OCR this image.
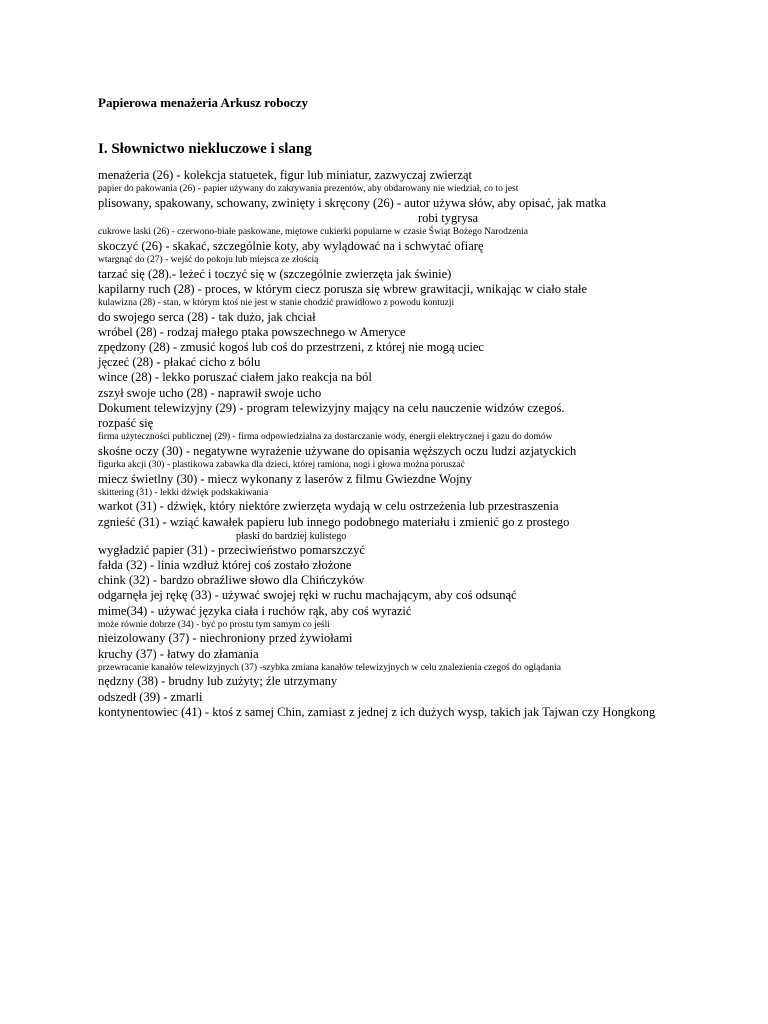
Papierowa menażeria Arkusz roboczy
I. Słownictwo niekluczowe i slang
menażeria (26) - kolekcja statuetek, figur lub miniatur, zazwyczaj zwierząt
papier do pakowania (26) - papier używany do zakrywania prezentów, aby obdarowany nie wiedział, co to jest
plisowany, spakowany, schowany, zwinięty i skręcony (26) - autor używa słów, aby opisać, jak matka
robi tygrysa
cukrowe laski (26) - czerwono-białe paskowane, miętowe cukierki popularne w czasie Świąt Bożego Narodzenia
skoczyć (26) - skakać, szczególnie koty, aby wylądować na i schwytać ofiarę
wtargnąć do (27) - wejść do pokoju lub miejsca ze złością
tarzać się (28).- leżeć i toczyć się w (szczególnie zwierzęta jak świnie)
kapilarny ruch (28) - proces, w którym ciecz porusza się wbrew grawitacji, wnikając w ciało stałe
kulawizna (28) - stan, w którym ktoś nie jest w stanie chodzić prawidłowo z powodu kontuzji
do swojego serca (28) - tak dużo, jak chciał
wróbel (28) - rodzaj małego ptaka powszechnego w Ameryce
zpędzony (28) - zmusić kogoś lub coś do przestrzeni, z której nie mogą uciec
jęczeć (28) - płakać cicho z bólu
wince (28) - lekko poruszać ciałem jako reakcja na ból
zszył swoje ucho (28) - naprawił swoje ucho
Dokument telewizyjny (29) - program telewizyjny mający na celu nauczenie widzów czegoś.
rozpaść się
firma użyteczności publicznej (29) - firma odpowiedzialna za dostarczanie wody, energii elektrycznej i gazu do domów
skośne oczy (30) - negatywne wyrażenie używane do opisania węższych oczu ludzi azjatyckich
figurka akcji (30) - plastikowa zabawka dla dzieci, której ramiona, nogi i głowa można poruszać
miecz świetlny (30) - miecz wykonany z laserów z filmu Gwiezdne Wojny
skittering (31) - lekki dźwięk podskakiwania
warkot (31) - dźwięk, który niektóre zwierzęta wydają w celu ostrzeżenia lub przestraszenia
zgnieść (31) - wziąć kawałek papieru lub innego podobnego materiału i zmienić go z prostego
płaski do bardziej kulistego
wygładzić papier (31) - przeciwieństwo pomarszczyć
fałda (32) - linia wzdłuż której coś zostało złożone
chink (32) - bardzo obraźliwe słowo dla Chińczyków
odgarnęła jej rękę (33) - używać swojej ręki w ruchu machającym, aby coś odsunąć
mime(34) - używać języka ciała i ruchów rąk, aby coś wyrazić
może równie dobrze (34) - być po prostu tym samym co jeśli
nieizolowany (37) - niechroniony przed żywiołami
kruchy (37) - łatwy do złamania
przewracanie kanałów telewizyjnych (37) -szybka zmiana kanałów telewizyjnych w celu znalezienia czegoś do oglądania
nędzny (38) - brudny lub zużyty; źle utrzymany
odszedł (39) - zmarli
kontynentowiec (41) - ktoś z samej Chin, zamiast z jednej z ich dużych wysp, takich jak Tajwan czy Hongkong
